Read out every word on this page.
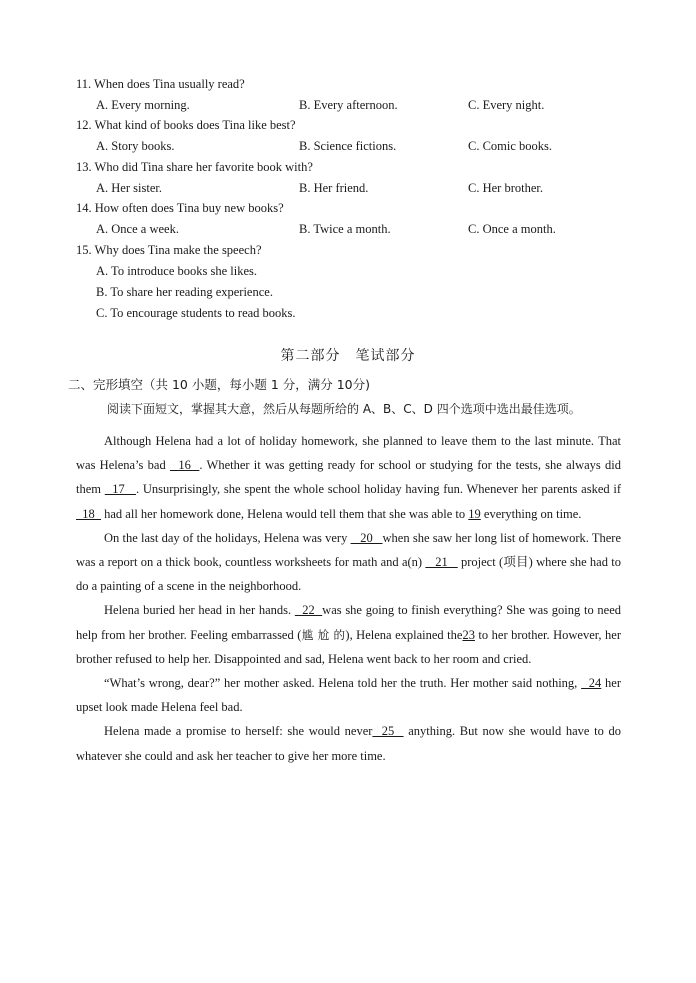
11. When does Tina usually read?
A. Every morning.	B. Every afternoon.	C. Every night.
12. What kind of books does Tina like best?
A. Story books.	B. Science fictions.	C. Comic books.
13. Who did Tina share her favorite book with?
A. Her sister.	B. Her friend.	C. Her brother.
14. How often does Tina buy new books?
A. Once a week.	B. Twice a month.	C. Once a month.
15. Why does Tina make the speech?
A. To introduce books she likes.
B. To share her reading experience.
C. To encourage students to read books.
第二部分　笔试部分
二、完形填空（共 10 小题，每小题 1 分，满分 10分)
阅读下面短文，掌握其大意，然后从每题所给的 A、B、C、D 四个选项中选出最佳选项。

Although Helena had a lot of holiday homework, she planned to leave them to the last minute. That was Helena’s bad   16  . Whether it was getting ready for school or studying for the tests, she always did them   17   . Unsurprisingly, she spent the whole school holiday having fun. Whenever her parents asked if   18   had all her homework done, Helena would tell them that she was able to 19 everything on time.

On the last day of the holidays, Helena was very    20   when she saw her long list of homework. There was a report on a thick book, countless worksheets for math and a(n)    21    project (项目) where she had to do a painting of a scene in the neighborhood.

Helena buried her head in her hands.   22  was she going to finish everything? She was going to need help from her brother. Feeling embarrassed (尴 尬 的), Helena explained the23 to her brother. However, her brother refused to help her. Disappointed and sad, Helena went back to her room and cried.

“What’s wrong, dear?” her mother asked. Helena told her the truth. Her mother said nothing,   24 her upset look made Helena feel bad.

Helena made a promise to herself: she would never  25   anything. But now she would have to do whatever she could and ask her teacher to give her more time.
